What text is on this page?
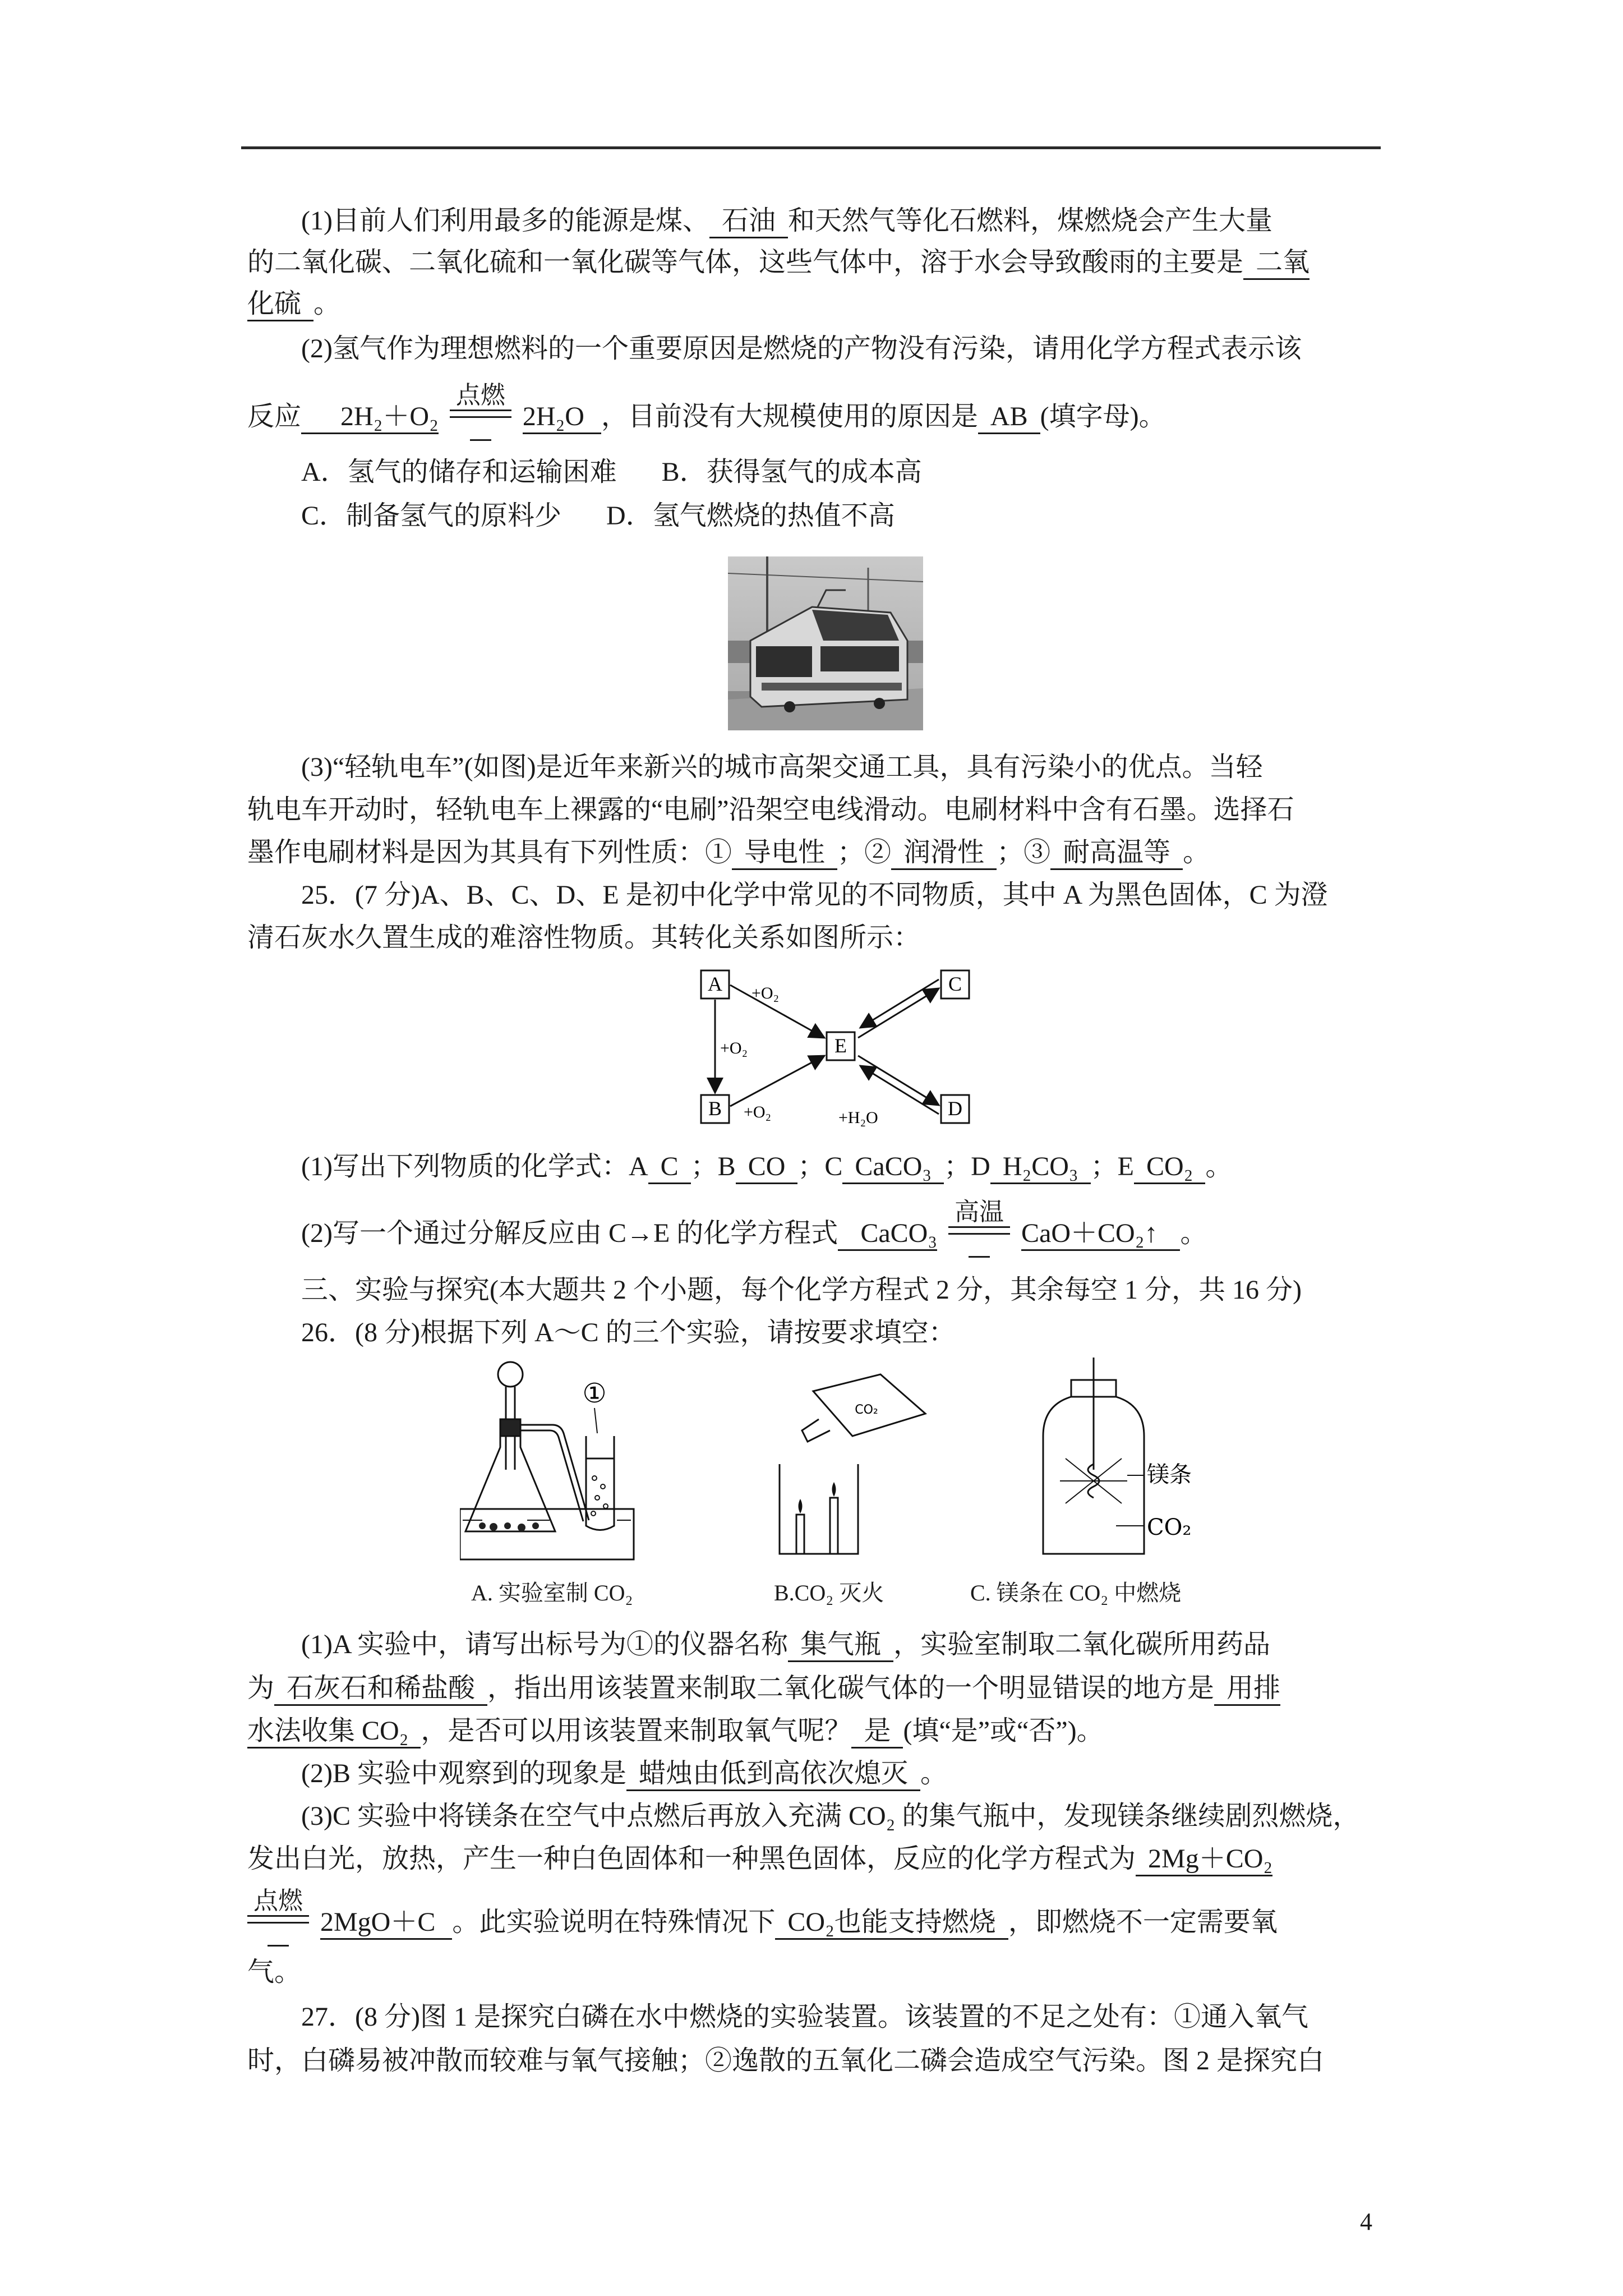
(1)目前人们利用最多的能源是煤、 石油 和天然气等化石燃料，煤燃烧会产生大量
的二氧化碳、二氧化硫和一氧化碳等气体，这些气体中，溶于水会导致酸雨的主要是 二氧
化硫 。
(2)氢气作为理想燃料的一个重要原因是燃烧的产物没有污染，请用化学方程式表示该
反应 2H₂＋O₂
点燃
2H₂O ，目前没有大规模使用的原因是 AB (填字母)。
A．氢气的储存和运输困难 B．获得氢气的成本高
C．制备氢气的原料少 D．氢气燃烧的热值不高
(3)“轻轨电车”(如图)是近年来新兴的城市高架交通工具，具有污染小的优点。当轻
轨电车开动时，轻轨电车上裸露的“电刷”沿架空电线滑动。电刷材料中含有石墨。选择石
墨作电刷材料是因为其具有下列性质：① 导电性 ；② 润滑性 ；③ 耐高温等 。
25．(7 分)A、B、C、D、E 是初中化学中常见的不同物质，其中 A 为黑色固体，C 为澄
清石灰水久置生成的难溶性物质。其转化关系如图所示：
A
B
E
C
D
+O₂
+O₂
+O₂	+H₂O
(1)写出下列物质的化学式：A C ；B CO ；C CaCO₃ ；D H₂CO₃ ；E CO₂ 。
(2)写一个通过分解反应由 C→E 的化学方程式 CaCO₃
高温
CaO＋CO₂↑ 。
三、实验与探究(本大题共 2 个小题，每个化学方程式 2 分，其余每空 1 分，共 16 分)
26．(8 分)根据下列 A～C 的三个实验，请按要求填空：
①
A. 实验室制 CO₂
CO₂
B.CO₂ 灭火
镁条
CO₂
C. 镁条在 CO₂ 中燃烧
(1)A 实验中，请写出标号为①的仪器名称 集气瓶 ，实验室制取二氧化碳所用药品
为 石灰石和稀盐酸 ，指出用该装置来制取二氧化碳气体的一个明显错误的地方是 用排
水法收集 CO₂ ，是否可以用该装置来制取氧气呢？ 是 (填“是”或“否”)。
(2)B 实验中观察到的现象是 蜡烛由低到高依次熄灭 。
(3)C 实验中将镁条在空气中点燃后再放入充满 CO₂ 的集气瓶中，发现镁条继续剧烈燃烧，
发出白光，放热，产生一种白色固体和一种黑色固体，反应的化学方程式为 2Mg＋CO₂
点燃
2MgO＋C 。此实验说明在特殊情况下 CO₂也能支持燃烧 ，即燃烧不一定需要氧
气。
27．(8 分)图 1 是探究白磷在水中燃烧的实验装置。该装置的不足之处有：①通入氧气
时，白磷易被冲散而较难与氧气接触；②逸散的五氧化二磷会造成空气污染。图 2 是探究白
4
